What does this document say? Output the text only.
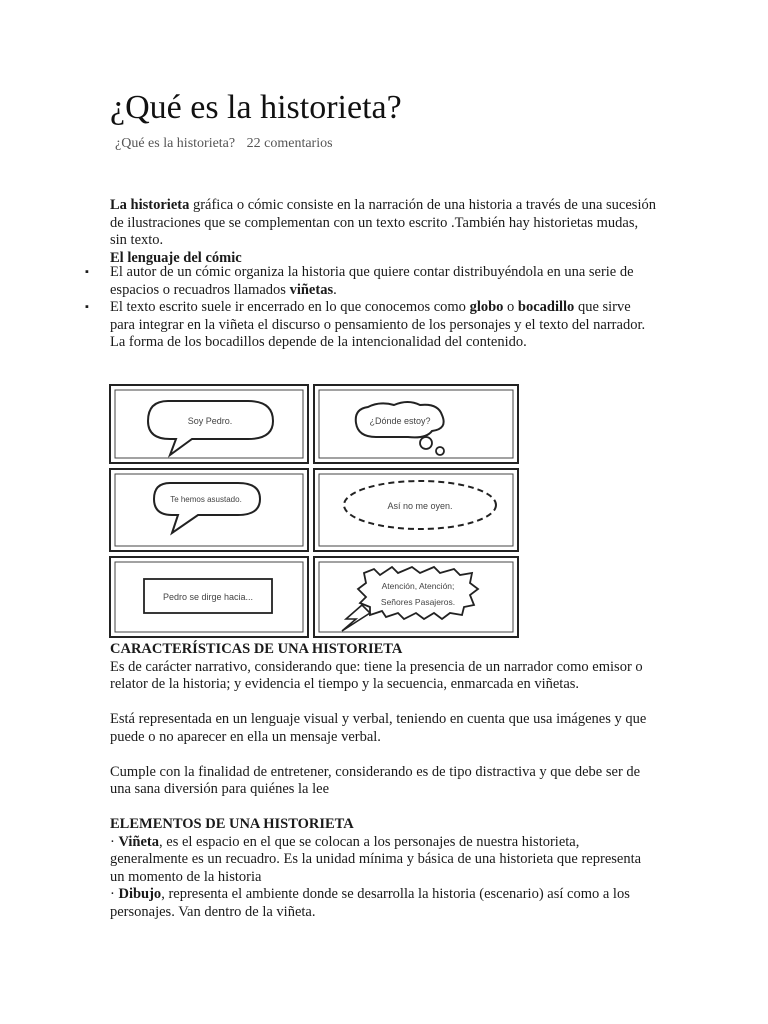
¿Qué es la historieta?
¿Qué es la historieta? 22 comentarios

La historieta gráfica o cómic consiste en la narración de una historia a través de una sucesión de ilustraciones que se complementan con un texto escrito .También hay historietas mudas, sin texto.

El lenguaje del cómic

▪ El autor de un cómic organiza la historia que quiere contar distribuyéndola en una serie de espacios o recuadros llamados viñetas.
▪ El texto escrito suele ir encerrado en lo que conocemos como globo o bocadillo que sirve para integrar en la viñeta el discurso o pensamiento de los personajes y el texto del narrador. La forma de los bocadillos depende de la intencionalidad del contenido.
Soy Pedro.	¿Dónde estoy?
Te hemos asustado.
Así no me oyen.
Pedro se dirge hacia...
Atención, Atención;
Señores Pasajeros.

CARACTERÍSTICAS DE UNA HISTORIETA

Es de carácter narrativo, considerando que: tiene la presencia de un narrador como emisor o relator de la historia; y evidencia el tiempo y la secuencia, enmarcada en viñetas.

Está representada en un lenguaje visual y verbal, teniendo en cuenta que usa imágenes y que puede o no aparecer en ella un mensaje verbal.

Cumple con la finalidad de entretener, considerando es de tipo distractiva y que debe ser de una sana diversión para quiénes la lee

ELEMENTOS DE UNA HISTORIETA

· Viñeta, es el espacio en el que se colocan a los personajes de nuestra historieta, generalmente es un recuadro. Es la unidad mínima y básica de una historieta que representa un momento de la historia

· Dibujo, representa el ambiente donde se desarrolla la historia (escenario) así como a los personajes. Van dentro de la viñeta.
